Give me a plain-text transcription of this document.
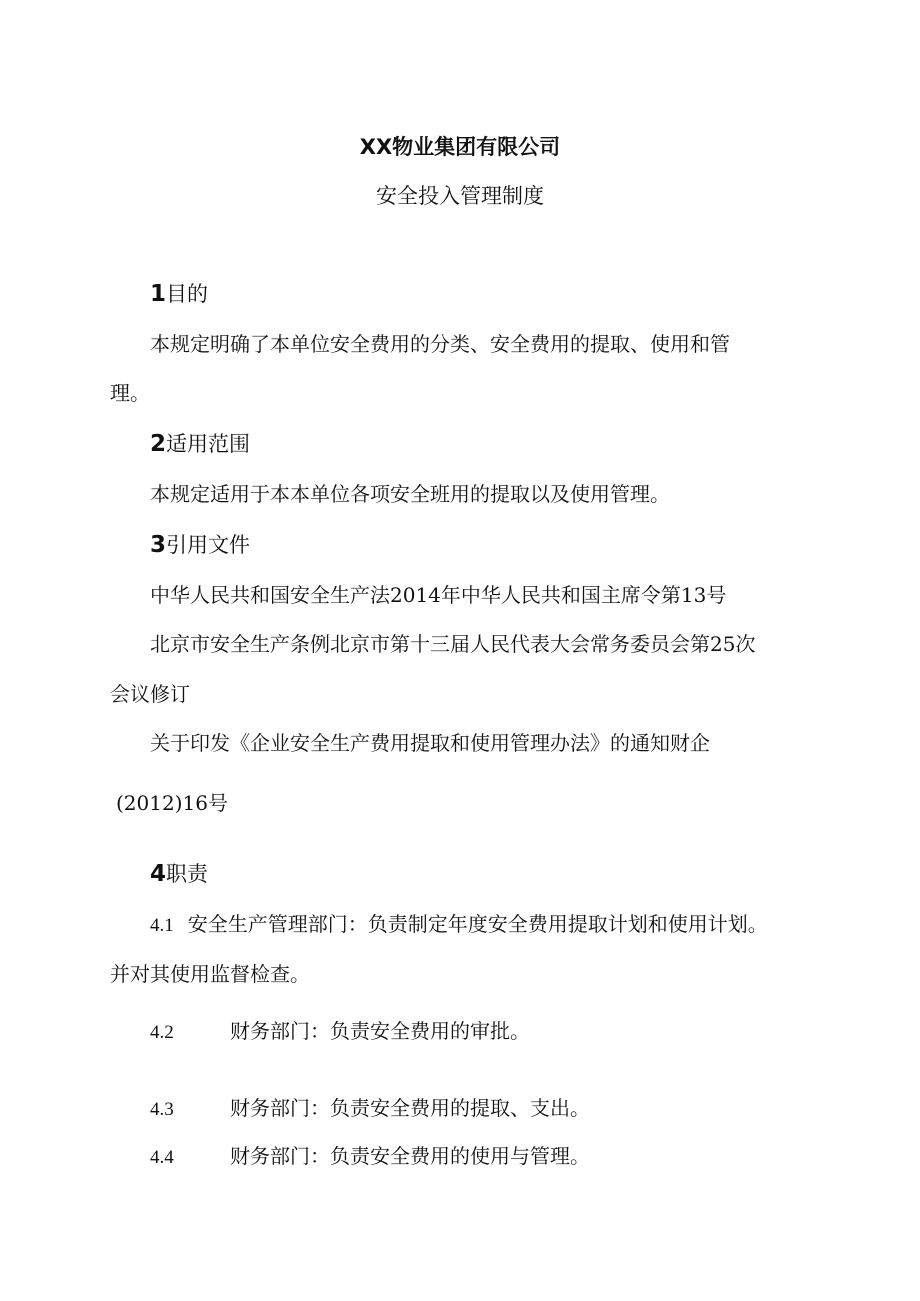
XX物业集团有限公司
安全投入管理制度
1目的
本规定明确了本单位安全费用的分类、安全费用的提取、使用和管
理。
2适用范围
本规定适用于本本单位各项安全班用的提取以及使用管理。
3引用文件
中华人民共和国安全生产法2014年中华人民共和国主席令第13号
北京市安全生产条例北京市第十三届人民代表大会常务委员会第25次
会议修订
关于印发《企业安全生产费用提取和使用管理办法》的通知财企
(2012)16号
4职责
4.1 安全生产管理部门：负责制定年度安全费用提取计划和使用计划。
并对其使用监督检查。
4.2	财务部门：负责安全费用的审批。
4.3	财务部门：负责安全费用的提取、支出。
4.4	财务部门：负责安全费用的使用与管理。
